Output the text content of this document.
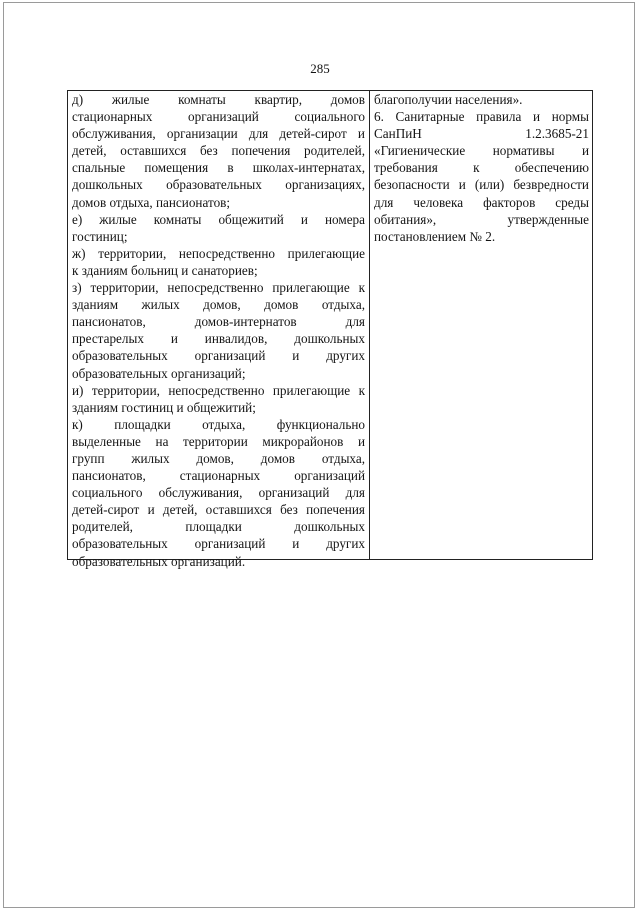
285
д) жилые комнаты квартир, домов
стационарных организаций социального
обслуживания, организации для детей-сирот и
детей, оставшихся без попечения родителей,
спальные помещения в школах-интернатах,
дошкольных образовательных организациях,
домов отдыха, пансионатов;
е) жилые комнаты общежитий и номера
гостиниц;
ж) территории, непосредственно прилегающие
к зданиям больниц и санаториев;
з) территории, непосредственно прилегающие к
зданиям жилых домов, домов отдыха,
пансионатов, домов-интернатов для
престарелых и инвалидов, дошкольных
образовательных организаций и других
образовательных организаций;
и) территории, непосредственно прилегающие к
зданиям гостиниц и общежитий;
к) площадки отдыха, функционально
выделенные на территории микрорайонов и
групп жилых домов, домов отдыха,
пансионатов, стационарных организаций
социального обслуживания, организаций для
детей-сирот и детей, оставшихся без попечения
родителей, площадки дошкольных
образовательных организаций и других
образовательных организаций.
благополучии населения».
6. Санитарные правила и нормы
СанПиН 1.2.3685-21
«Гигиенические нормативы и
требования к обеспечению
безопасности и (или) безвредности
для человека факторов среды
обитания», утвержденные
постановлением № 2.
